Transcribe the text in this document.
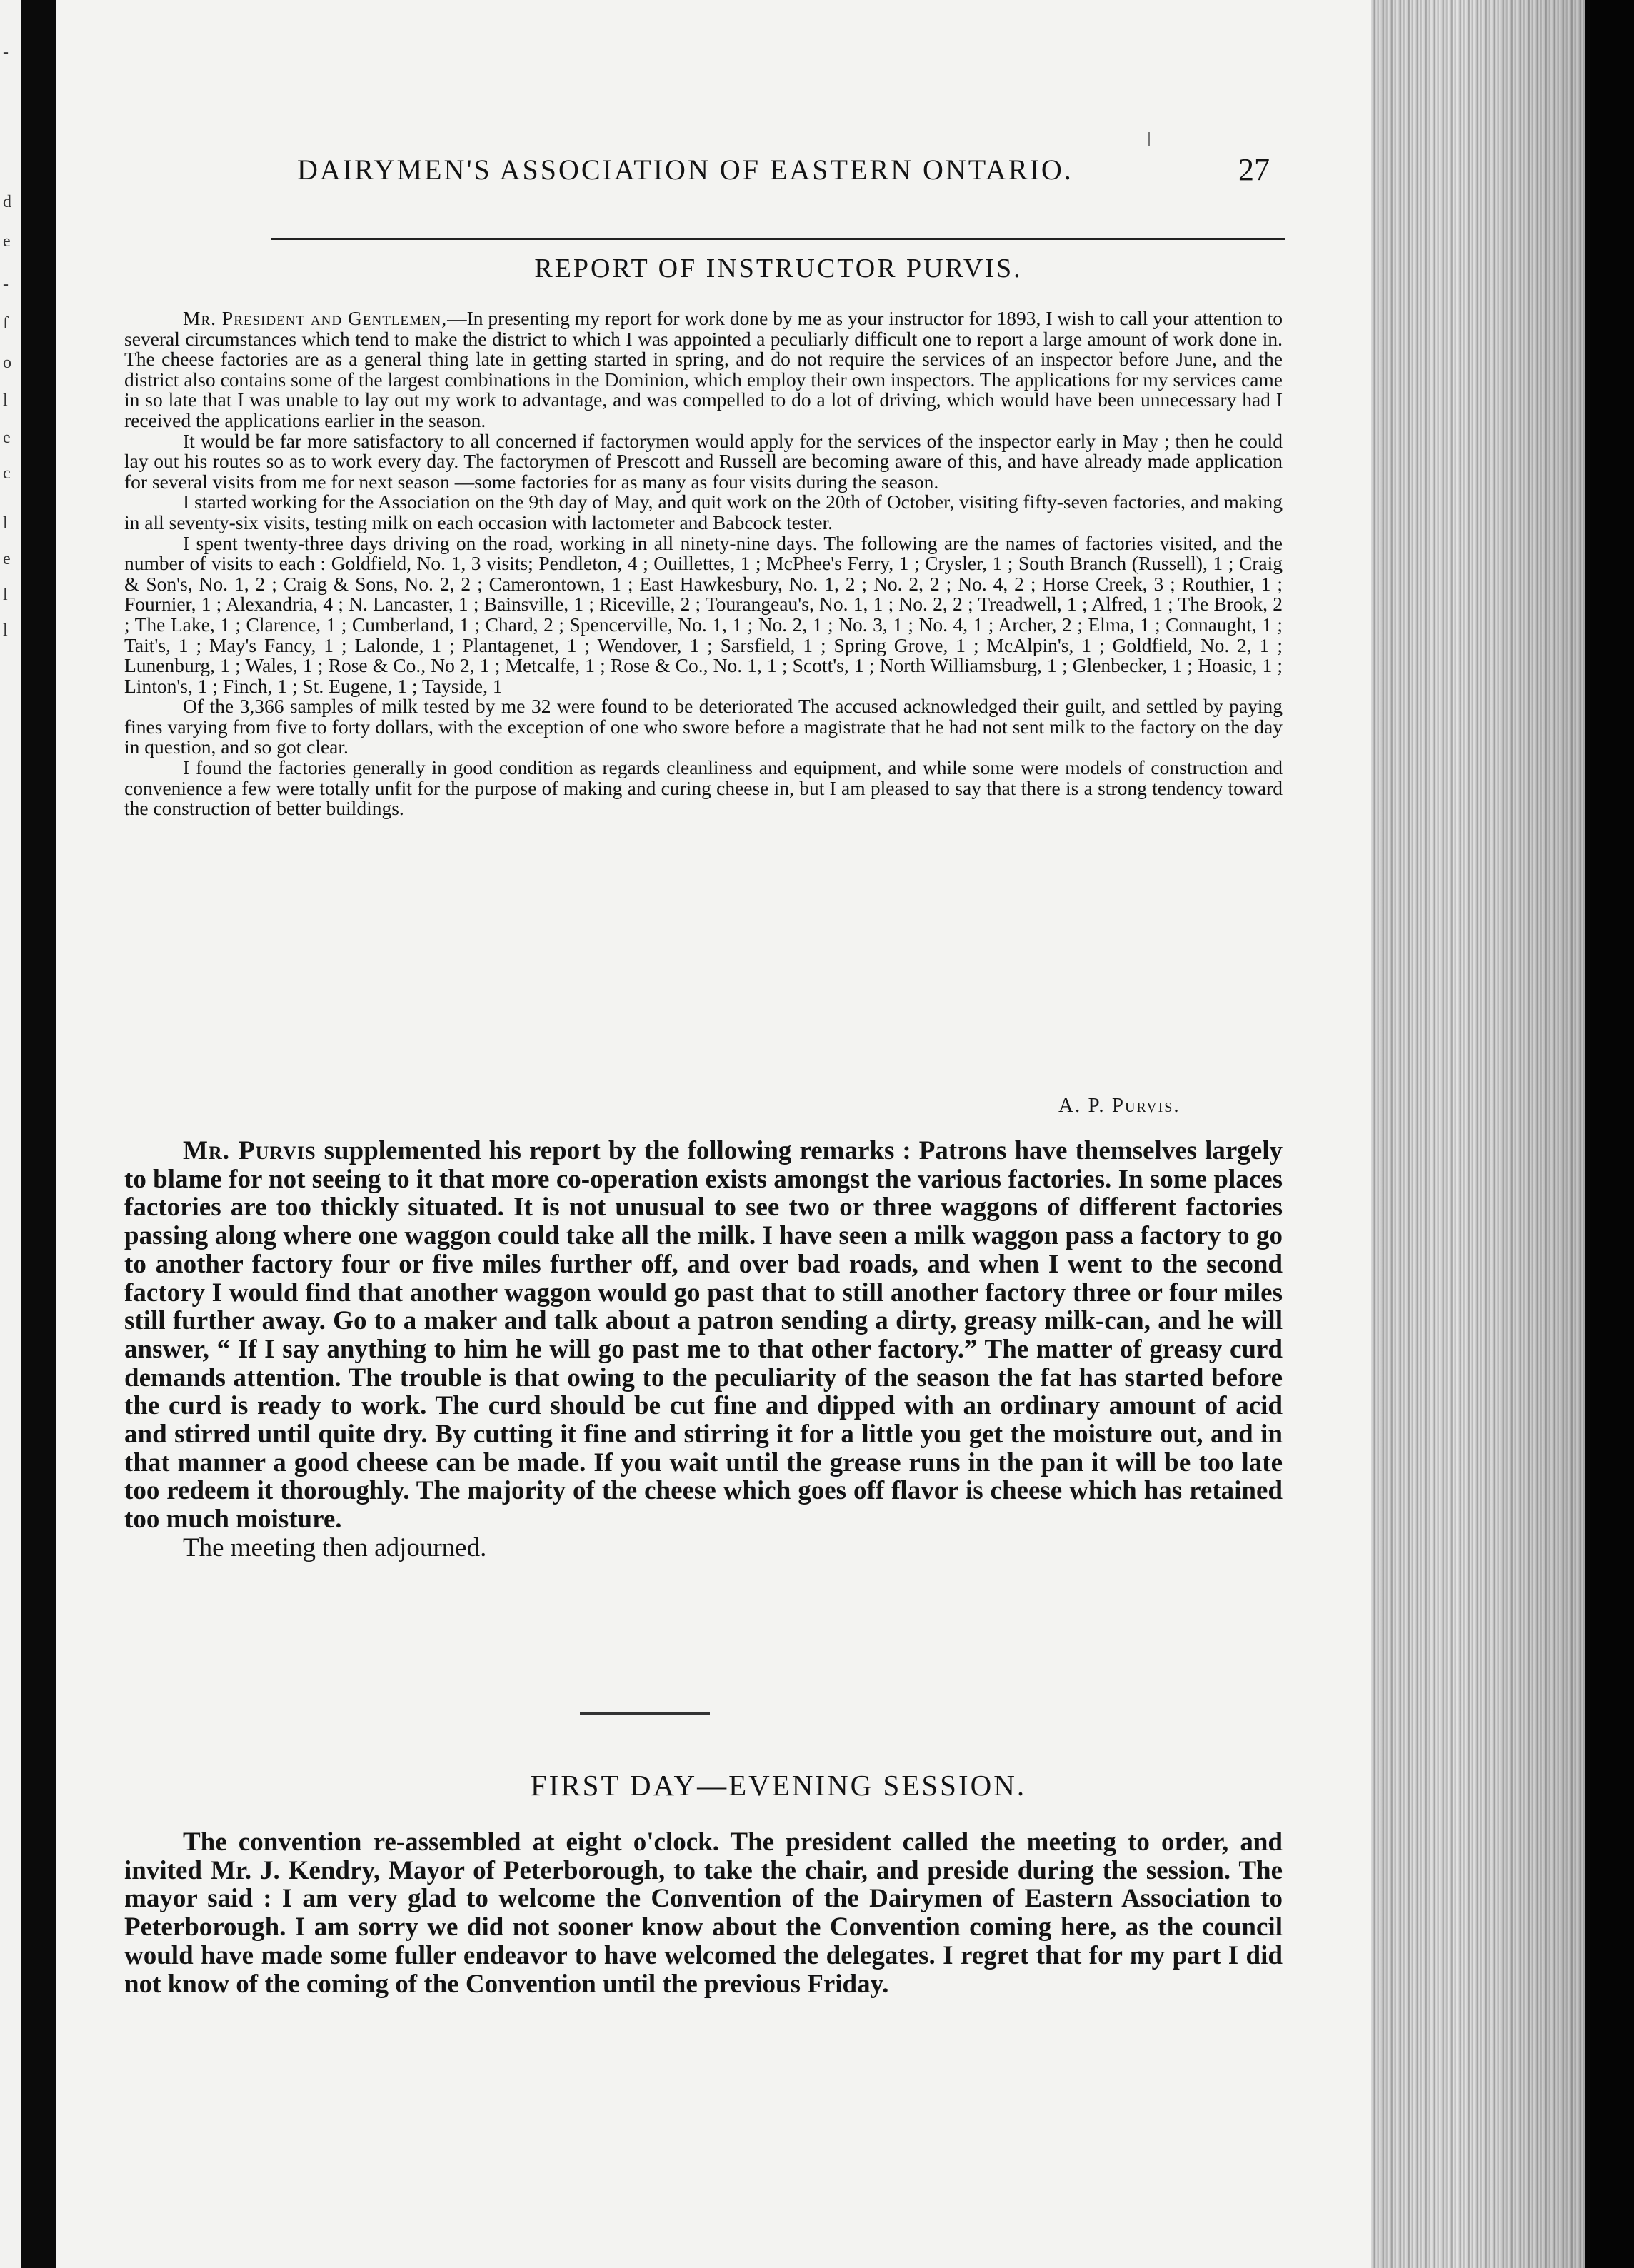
d
e
-
f
o
l
e
c
l
e
l
l
-
DAIRYMEN'S ASSOCIATION OF EASTERN ONTARIO.	27
REPORT OF INSTRUCTOR PURVIS.

Mr. President and Gentlemen,—In presenting my report for work done by me as your instructor for 1893, I wish to call your attention to several circumstances which tend to make the district to which I was appointed a peculiarly difficult one to report a large amount of work done in. The cheese factories are as a general thing late in getting started in spring, and do not require the services of an inspector before June, and the district also contains some of the largest combinations in the Dominion, which employ their own inspectors. The applications for my services came in so late that I was unable to lay out my work to advantage, and was compelled to do a lot of driving, which would have been unnecessary had I received the applications earlier in the season.

It would be far more satisfactory to all concerned if factorymen would apply for the services of the inspector early in May ; then he could lay out his routes so as to work every day. The factorymen of Prescott and Russell are becoming aware of this, and have already made application for several visits from me for next season —some factories for as many as four visits during the season.

I started working for the Association on the 9th day of May, and quit work on the 20th of October, visiting fifty-seven factories, and making in all seventy-six visits, testing milk on each occasion with lactometer and Babcock tester.

I spent twenty-three days driving on the road, working in all ninety-nine days. The following are the names of factories visited, and the number of visits to each : Goldfield, No. 1, 3 visits; Pendleton, 4 ; Ouillettes, 1 ; McPhee's Ferry, 1 ; Crysler, 1 ; South Branch (Russell), 1 ; Craig & Son's, No. 1, 2 ; Craig & Sons, No. 2, 2 ; Camerontown, 1 ; East Hawkesbury, No. 1, 2 ; No. 2, 2 ; No. 4, 2 ; Horse Creek, 3 ; Routhier, 1 ; Fournier, 1 ; Alexandria, 4 ; N. Lancaster, 1 ; Bainsville, 1 ; Riceville, 2 ; Tourangeau's, No. 1, 1 ; No. 2, 2 ; Treadwell, 1 ; Alfred, 1 ; The Brook, 2 ; The Lake, 1 ; Clarence, 1 ; Cumberland, 1 ; Chard, 2 ; Spencerville, No. 1, 1 ; No. 2, 1 ; No. 3, 1 ; No. 4, 1 ; Archer, 2 ; Elma, 1 ; Connaught, 1 ; Tait's, 1 ; May's Fancy, 1 ; Lalonde, 1 ; Plantagenet, 1 ; Wendover, 1 ; Sarsfield, 1 ; Spring Grove, 1 ; McAlpin's, 1 ; Goldfield, No. 2, 1 ; Lunenburg, 1 ; Wales, 1 ; Rose & Co., No 2, 1 ; Metcalfe, 1 ; Rose & Co., No. 1, 1 ; Scott's, 1 ; North Williamsburg, 1 ; Glenbecker, 1 ; Hoasic, 1 ; Linton's, 1 ; Finch, 1 ; St. Eugene, 1 ; Tayside, 1

Of the 3,366 samples of milk tested by me 32 were found to be deteriorated The accused acknowledged their guilt, and settled by paying fines varying from five to forty dollars, with the exception of one who swore before a magistrate that he had not sent milk to the factory on the day in question, and so got clear.

I found the factories generally in good condition as regards cleanliness and equipment, and while some were models of construction and convenience a few were totally unfit for the purpose of making and curing cheese in, but I am pleased to say that there is a strong tendency toward the construction of better buildings.

A. P. Purvis.

Mr. Purvis supplemented his report by the following remarks : Patrons have themselves largely to blame for not seeing to it that more co-operation exists amongst the various factories. In some places factories are too thickly situated. It is not unusual to see two or three waggons of different factories passing along where one waggon could take all the milk. I have seen a milk waggon pass a factory to go to another factory four or five miles further off, and over bad roads, and when I went to the second factory I would find that another waggon would go past that to still another factory three or four miles still further away. Go to a maker and talk about a patron sending a dirty, greasy milk-can, and he will answer, “ If I say anything to him he will go past me to that other factory.” The matter of greasy curd demands attention. The trouble is that owing to the peculiarity of the season the fat has started before the curd is ready to work. The curd should be cut fine and dipped with an ordinary amount of acid and stirred until quite dry. By cutting it fine and stirring it for a little you get the moisture out, and in that manner a good cheese can be made. If you wait until the grease runs in the pan it will be too late too redeem it thoroughly. The majority of the cheese which goes off flavor is cheese which has retained too much moisture.

The meeting then adjourned.

FIRST DAY—EVENING SESSION.

The convention re-assembled at eight o'clock. The president called the meeting to order, and invited Mr. J. Kendry, Mayor of Peterborough, to take the chair, and preside during the session. The mayor said : I am very glad to welcome the Convention of the Dairymen of Eastern Association to Peterborough. I am sorry we did not sooner know about the Convention coming here, as the council would have made some fuller endeavor to have welcomed the delegates. I regret that for my part I did not know of the coming of the Convention until the previous Friday.
